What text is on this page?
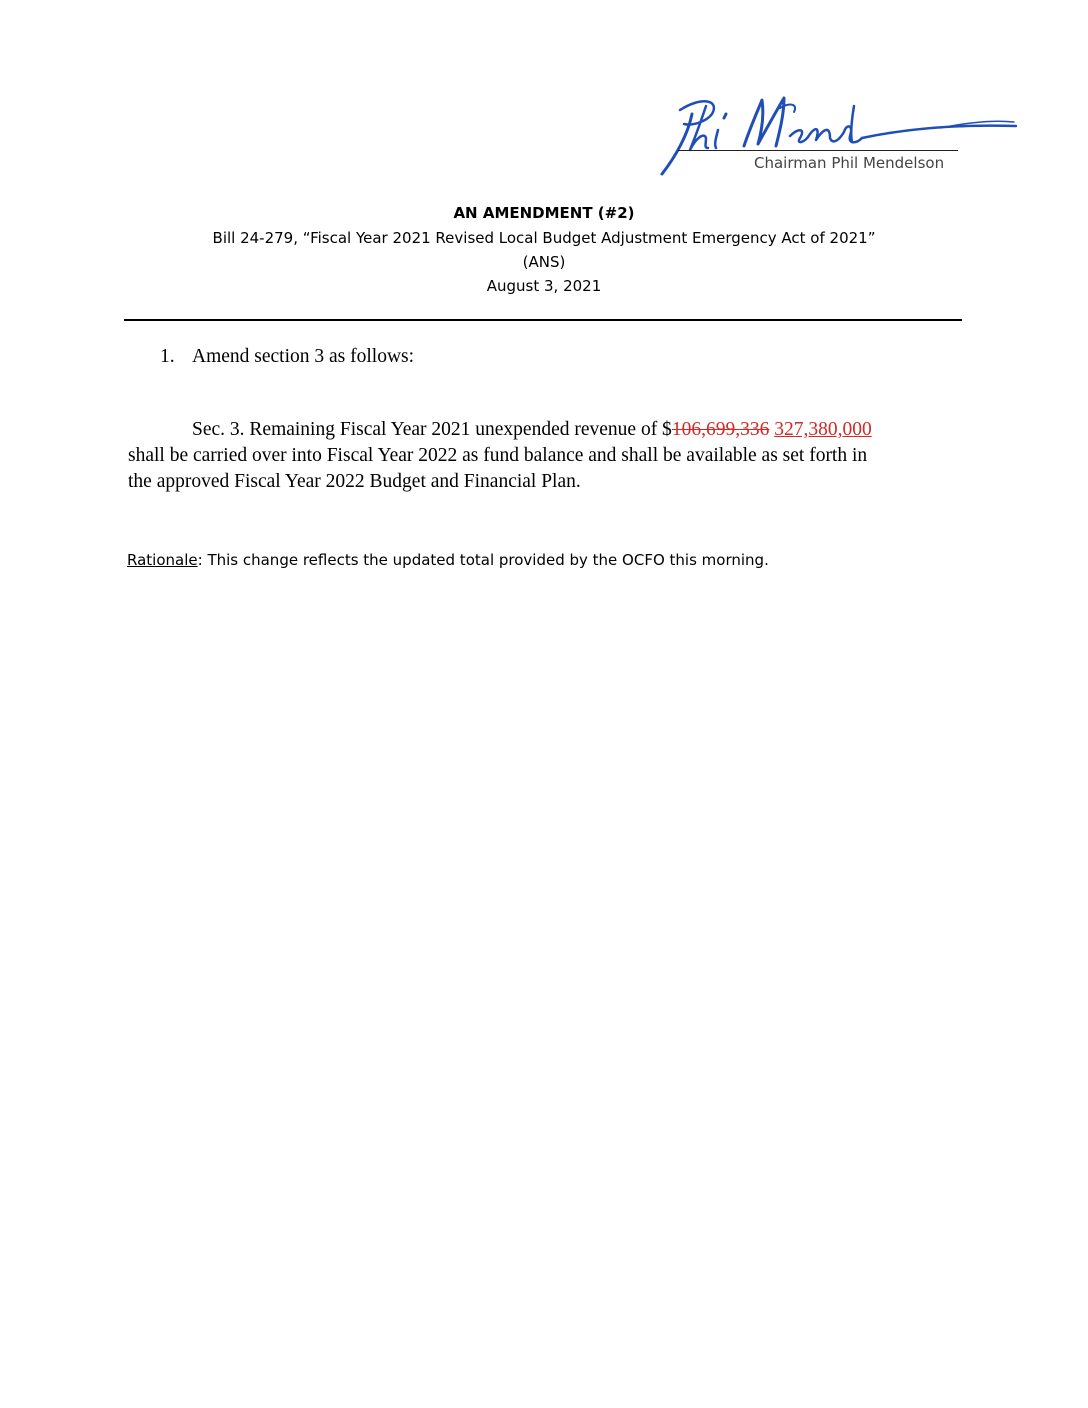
Chairman Phil Mendelson
AN AMENDMENT (#2)
Bill 24-279, “Fiscal Year 2021 Revised Local Budget Adjustment Emergency Act of 2021”
(ANS)
August 3, 2021
1. Amend section 3 as follows:
Sec. 3. Remaining Fiscal Year 2021 unexpended revenue of $106,699,336 327,380,000
shall be carried over into Fiscal Year 2022 as fund balance and shall be available as set forth in
the approved Fiscal Year 2022 Budget and Financial Plan.
Rationale: This change reflects the updated total provided by the OCFO this morning.
